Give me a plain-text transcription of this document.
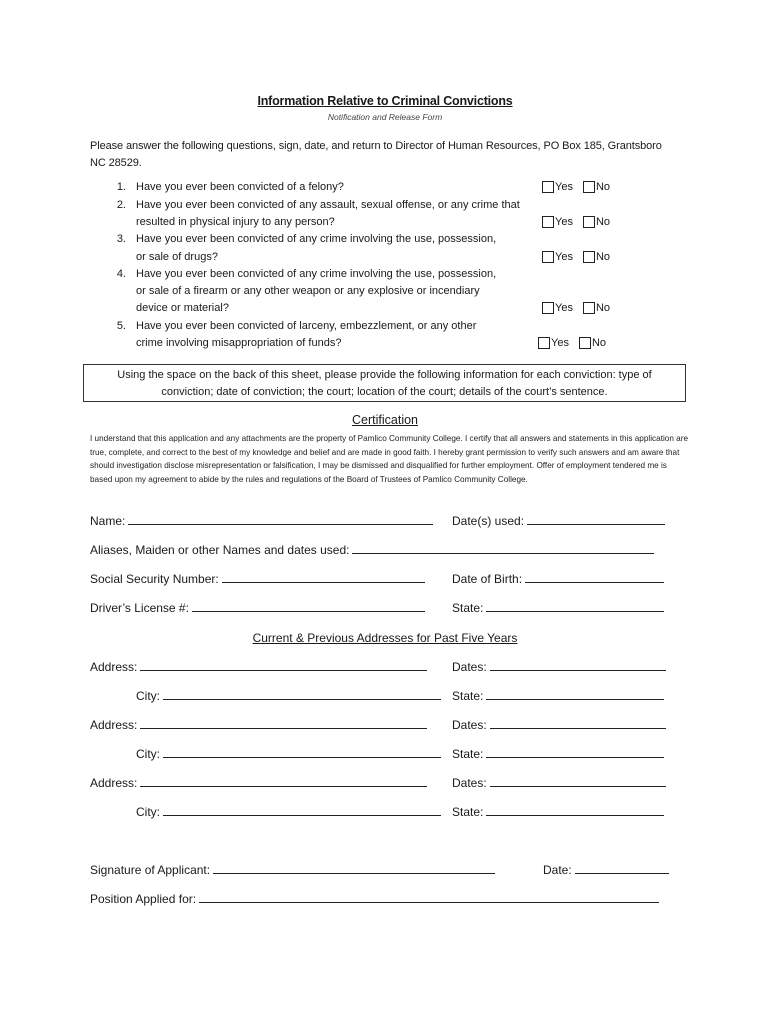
Information Relative to Criminal Convictions
Notification and Release Form
Please answer the following questions, sign, date, and return to Director of Human Resources, PO Box 185, Grantsboro NC 28529.
1. Have you ever been convicted of a felony?	Yes No
2. Have you ever been convicted of any assault, sexual offense, or any crime that
resulted in physical injury to any person?	Yes No
3. Have you ever been convicted of any crime involving the use, possession,
or sale of drugs?	Yes No
4. Have you ever been convicted of any crime involving the use, possession,
or sale of a firearm or any other weapon or any explosive or incendiary
device or material?	Yes No
5. Have you ever been convicted of larceny, embezzlement, or any other
crime involving misappropriation of funds?	Yes No
Using the space on the back of this sheet, please provide the following information for each conviction: type of
conviction; date of conviction; the court; location of the court; details of the court’s sentence.
Certification
I understand that this application and any attachments are the property of Pamlico Community College. I certify that all answers and statements in this application are true, complete, and correct to the best of my knowledge and belief and are made in good faith. I hereby grant permission to verify such answers and am aware that should investigation disclose misrepresentation or falsification, I may be dismissed and disqualified for further employment. Offer of employment tendered me is based upon my agreement to abide by the rules and regulations of the Board of Trustees of Pamlico Community College.
Name:	Date(s) used:
Aliases, Maiden or other Names and dates used:
Social Security Number:	Date of Birth:
Driver’s License #:	State:
Current & Previous Addresses for Past Five Years
Address:	Dates:
City:	State:
Address:	Dates:
City:	State:
Address:	Dates:
City:	State:
Signature of Applicant:	Date:
Position Applied for:
